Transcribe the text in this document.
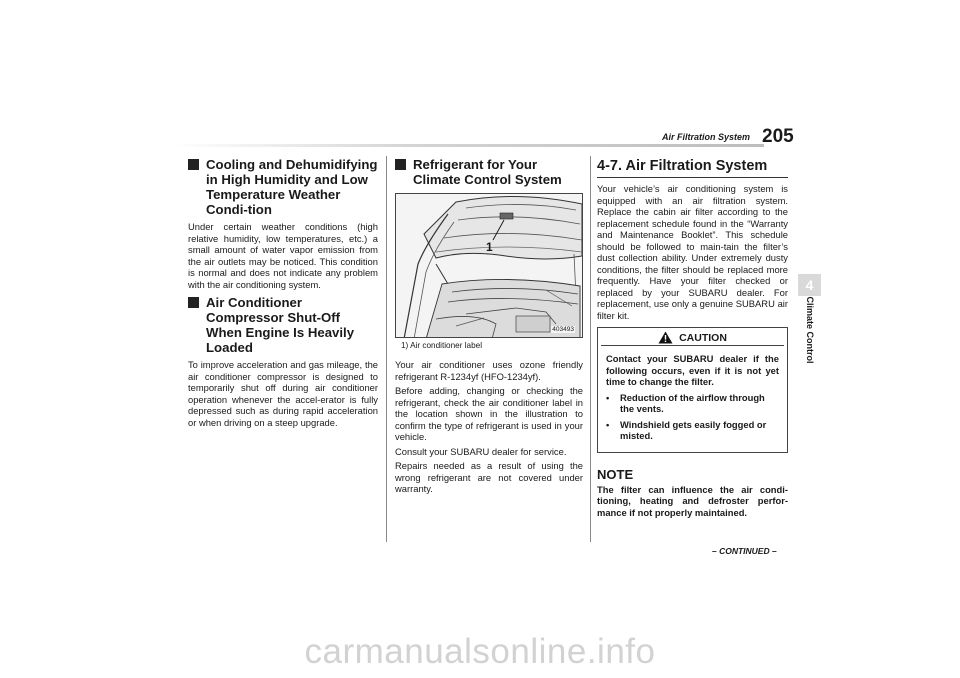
Air Filtration System 205
Cooling and Dehumidifying in High Humidity and Low Temperature Weather Condi-tion
Under certain weather conditions (high relative humidity, low temperatures, etc.) a small amount of water vapor emission from the air outlets may be noticed. This condition is normal and does not indicate any problem with the air conditioning system.
Air Conditioner Compressor Shut-Off When Engine Is Heavily Loaded
To improve acceleration and gas mileage, the air conditioner compressor is designed to temporarily shut off during air conditioner operation whenever the accel-erator is fully depressed such as during rapid acceleration or when driving on a steep upgrade.
Refrigerant for Your Climate Control System
1
403493
1) Air conditioner label
Your air conditioner uses ozone friendly refrigerant R-1234yf (HFO-1234yf).
Before adding, changing or checking the refrigerant, check the air conditioner label in the location shown in the illustration to confirm the type of refrigerant is used in your vehicle.
Consult your SUBARU dealer for service.
Repairs needed as a result of using the wrong refrigerant are not covered under warranty.
4-7. Air Filtration System
Your vehicle’s air conditioning system is equipped with an air filtration system. Replace the cabin air filter according to the replacement schedule found in the “Warranty and Maintenance Booklet”. This schedule should be followed to main-tain the filter’s dust collection ability. Under extremely dusty conditions, the filter should be replaced more frequently. Have your filter checked or replaced by your SUBARU dealer. For replacement, use only a genuine SUBARU air filter kit.
CAUTION
Contact your SUBARU dealer if the following occurs, even if it is not yet time to change the filter.
•	Reduction of the airflow through the vents.
•	Windshield gets easily fogged or misted.
NOTE
The filter can influence the air condi-tioning, heating and defroster perfor-mance if not properly maintained.
4
Climate Control
– CONTINUED –
carmanualsonline.info
